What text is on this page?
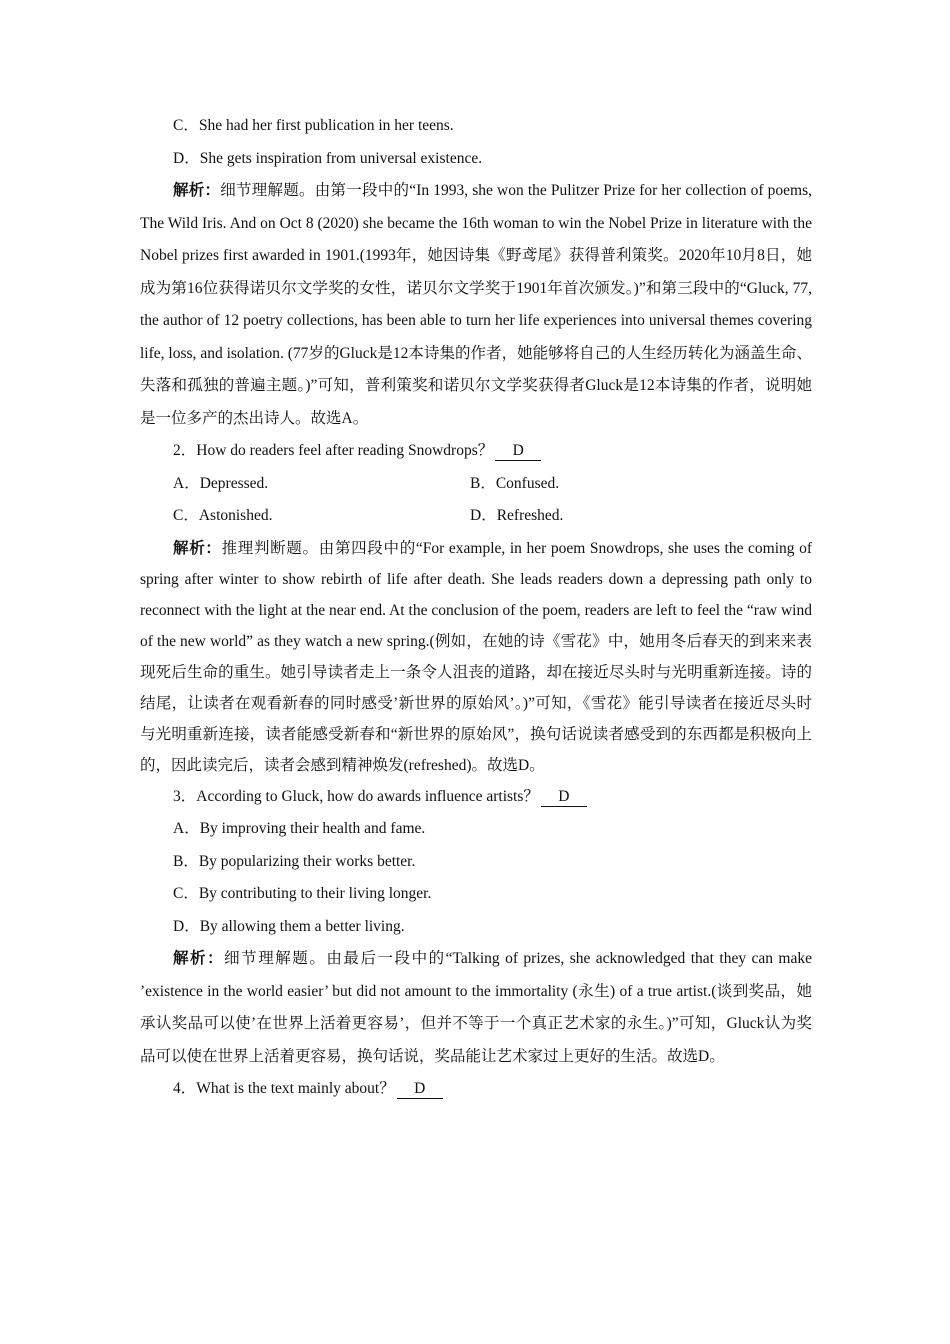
C．She had her first publication in her teens.
D．She gets inspiration from universal existence.
解析：细节理解题。由第一段中的“In 1993, she won the Pulitzer Prize for her collection of poems, The Wild Iris. And on Oct 8 (2020) she became the 16th woman to win the Nobel Prize in literature with the Nobel prizes first awarded in 1901.(1993年，她因诗集《野鸢尾》获得普利策奖。2020年10月8日，她成为第16位获得诺贝尔文学奖的女性，诺贝尔文学奖于1901年首次颁发。)”和第三段中的“Gluck, 77, the author of 12 poetry collections, has been able to turn her life experiences into universal themes covering life, loss, and isolation. (77岁的Gluck是12本诗集的作者，她能够将自己的人生经历转化为涵盖生命、失落和孤独的普遍主题。)”可知，普利策奖和诺贝尔文学奖获得者Gluck是12本诗集的作者，说明她是一位多产的杰出诗人。故选A。
2．How do readers feel after reading Snowdrops？ D
A．Depressed.	B．Confused.
C．Astonished.	D．Refreshed.
解析：推理判断题。由第四段中的“For example, in her poem Snowdrops, she uses the coming of spring after winter to show rebirth of life after death. She leads readers down a depressing path only to reconnect with the light at the near end. At the conclusion of the poem, readers are left to feel the “raw wind of the new world” as they watch a new spring.(例如，在她的诗《雪花》中，她用冬后春天的到来来表现死后生命的重生。她引导读者走上一条令人沮丧的道路，却在接近尽头时与光明重新连接。诗的结尾，让读者在观看新春的同时感受’新世界的原始风’。)”可知，《雪花》能引导读者在接近尽头时与光明重新连接，读者能感受新春和“新世界的原始风”，换句话说读者感受到的东西都是积极向上的，因此读完后，读者会感到精神焕发(refreshed)。故选D。
3．According to Gluck, how do awards influence artists？ D
A．By improving their health and fame.
B．By popularizing their works better.
C．By contributing to their living longer.
D．By allowing them a better living.
解析：细节理解题。由最后一段中的“Talking of prizes, she acknowledged that they can make ’existence in the world easier’ but did not amount to the immortality (永生) of a true artist.(谈到奖品，她承认奖品可以使’在世界上活着更容易’，但并不等于一个真正艺术家的永生。)”可知，Gluck认为奖品可以使在世界上活着更容易，换句话说，奖品能让艺术家过上更好的生活。故选D。
4．What is the text mainly about？ D
